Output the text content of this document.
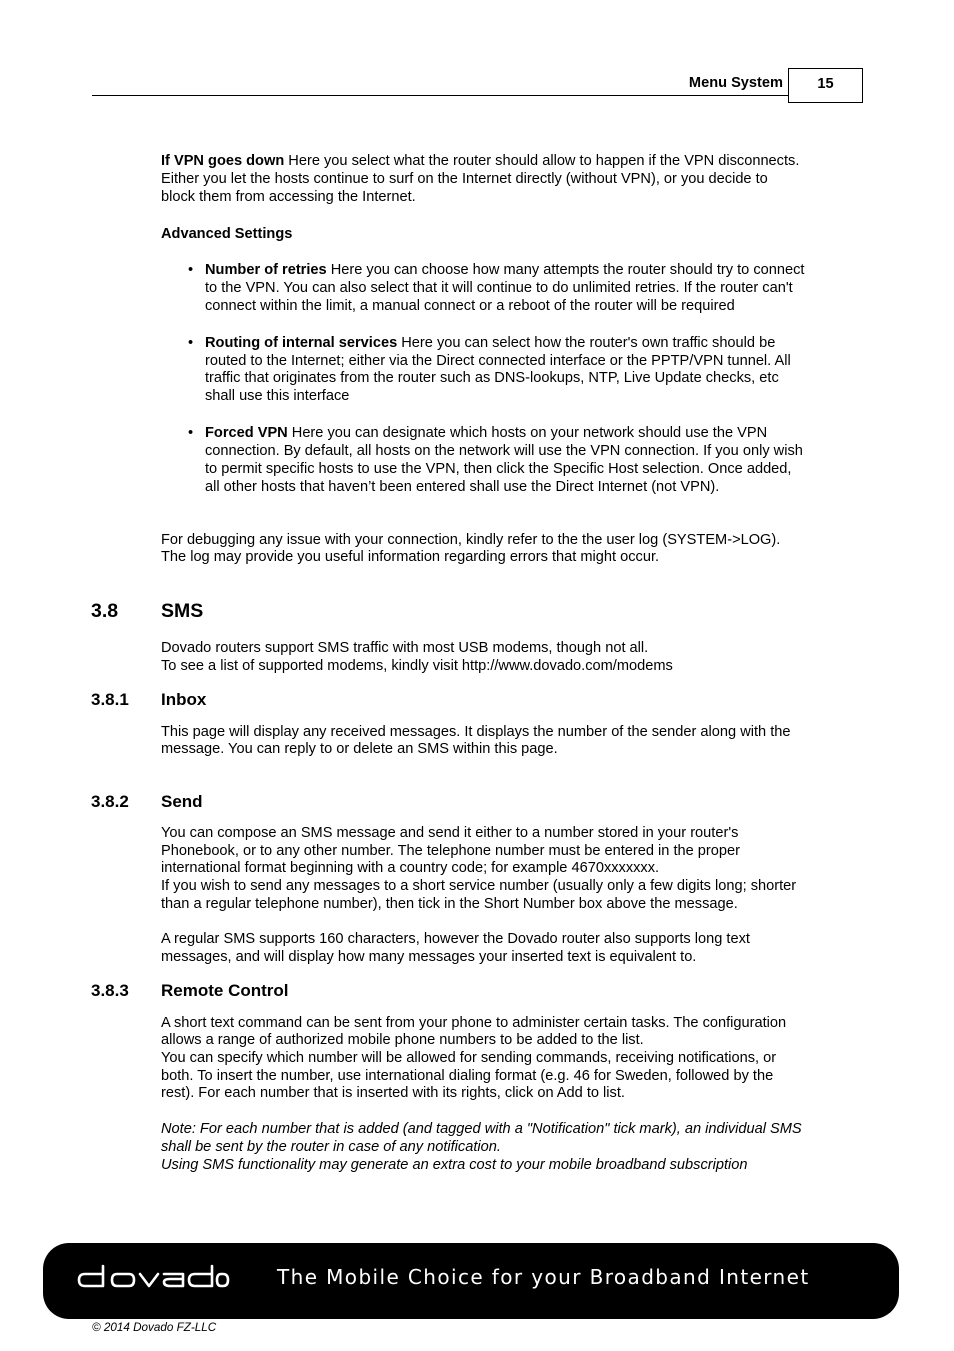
Menu System	15
If VPN goes down Here you select what the router should allow to happen if the VPN disconnects.
Either you let the hosts continue to surf on the Internet directly (without VPN), or you decide to
block them from accessing the Internet.
Advanced Settings
• Number of retries Here you can choose how many attempts the router should try to connect
to the VPN. You can also select that it will continue to do unlimited retries. If the router can't
connect within the limit, a manual connect or a reboot of the router will be required
• Routing of internal services Here you can select how the router's own traffic should be
routed to the Internet; either via the Direct connected interface or the PPTP/VPN tunnel. All
traffic that originates from the router such as DNS-lookups, NTP, Live Update checks, etc
shall use this interface
• Forced VPN Here you can designate which hosts on your network should use the VPN
connection. By default, all hosts on the network will use the VPN connection. If you only wish
to permit specific hosts to use the VPN, then click the Specific Host selection. Once added,
all other hosts that haven’t been entered shall use the Direct Internet (not VPN).
For debugging any issue with your connection, kindly refer to the the user log (SYSTEM->LOG).
The log may provide you useful information regarding errors that might occur.
3.8 SMS
Dovado routers support SMS traffic with most USB modems, though not all.
To see a list of supported modems, kindly visit http://www.dovado.com/modems
3.8.1 Inbox
This page will display any received messages. It displays the number of the sender along with the
message. You can reply to or delete an SMS within this page.
3.8.2 Send
You can compose an SMS message and send it either to a number stored in your router's
Phonebook, or to any other number. The telephone number must be entered in the proper
international format beginning with a country code; for example 4670xxxxxxx.
If you wish to send any messages to a short service number (usually only a few digits long; shorter
than a regular telephone number), then tick in the Short Number box above the message.
A regular SMS supports 160 characters, however the Dovado router also supports long text
messages, and will display how many messages your inserted text is equivalent to.
3.8.3 Remote Control
A short text command can be sent from your phone to administer certain tasks. The configuration
allows a range of authorized mobile phone numbers to be added to the list.
You can specify which number will be allowed for sending commands, receiving notifications, or
both. To insert the number, use international dialing format (e.g. 46 for Sweden, followed by the
rest). For each number that is inserted with its rights, click on Add to list.
Note: For each number that is added (and tagged with a "Notification" tick mark), an individual SMS
shall be sent by the router in case of any notification.
Using SMS functionality may generate an extra cost to your mobile broadband subscription
The Mobile Choice for your Broadband Internet
© 2014 Dovado FZ-LLC
